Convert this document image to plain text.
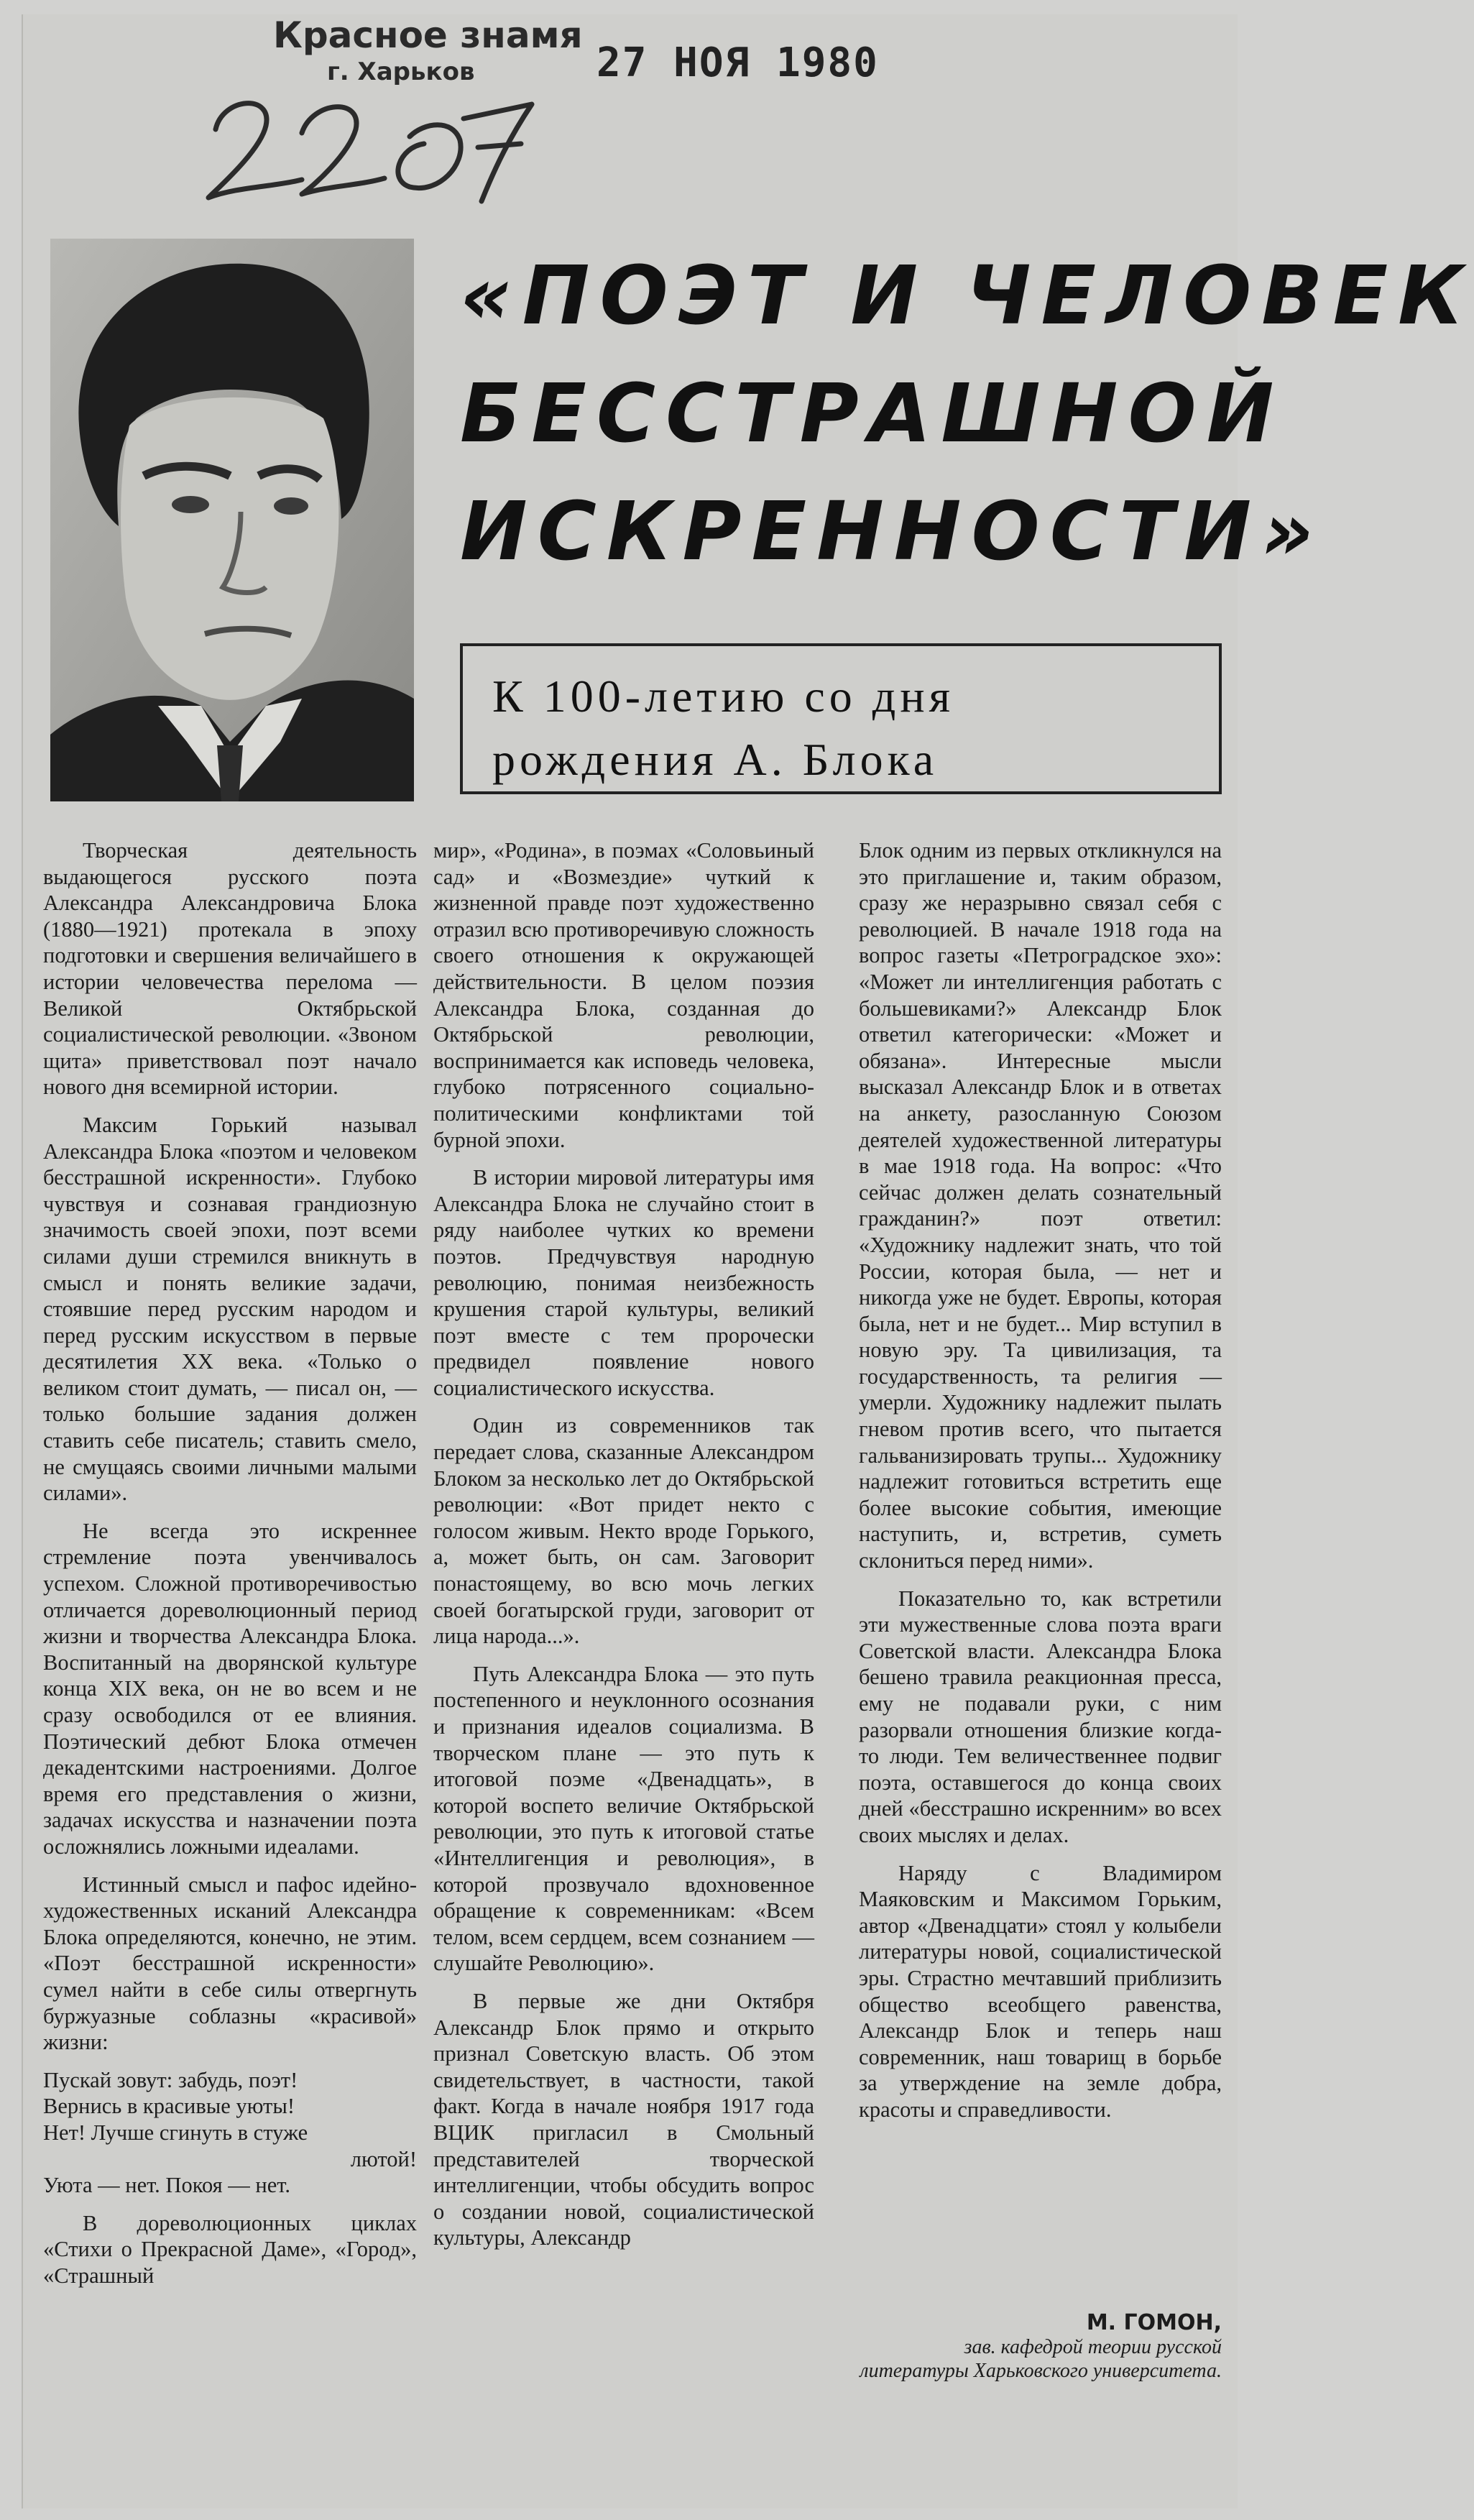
Красное знамя
г. Харьков	27 НОЯ 1980
«ПОЭТ И ЧЕЛОВЕК
БЕССТРАШНОЙ
ИСКРЕННОСТИ»
К 100-летию со дня
рождения А. Блока

Творческая деятельность выдающегося русского поэта Александра Александровича Блока (1880—1921) протекала в эпоху подготовки и свершения величайшего в истории человечества перелома — Великой Октябрьской социалистической революции. «Звоном щита» приветствовал поэт начало нового дня всемирной истории.

Максим Горький называл Александра Блока «поэтом и человеком бесстрашной искренности». Глубоко чувствуя и сознавая грандиозную значимость своей эпохи, поэт всеми силами души стремился вникнуть в смысл и понять великие задачи, стоявшие перед русским народом и перед русским искусством в первые десятилетия XX века. «Только о великом стоит думать, — писал он, — только большие задания должен ставить себе писатель; ставить смело, не смущаясь своими личными малыми силами».

Не всегда это искреннее стремление поэта увенчивалось успехом. Сложной противоречивостью отличается дореволюционный период жизни и творчества Александра Блока. Воспитанный на дворянской культуре конца XIX века, он не во всем и не сразу освободился от ее влияния. Поэтический дебют Блока отмечен декадентскими настроениями. Долгое время его представления о жизни, задачах искусства и назначении поэта осложнялись ложными идеалами.

Истинный смысл и пафос идейно-художественных исканий Александра Блока определяются, конечно, не этим. «Поэт бесстрашной искренности» сумел найти в себе силы отвергнуть буржуазные соблазны «красивой» жизни:

Пускай зовут: забудь, поэт!
Вернись в красивые уюты!
Нет! Лучше сгинуть в стуже
лютой!
Уюта — нет. Покоя — нет.

В дореволюционных циклах «Стихи о Прекрасной Даме», «Город», «Страшный

мир», «Родина», в поэмах «Соловьиный сад» и «Возмездие» чуткий к жизненной правде поэт художественно отразил всю противоречивую сложность своего отношения к окружающей действительности. В целом поэзия Александра Блока, созданная до Октябрьской революции, воспринимается как исповедь человека, глубоко потрясенного социально-политическими конфликтами той бурной эпохи.

В истории мировой литературы имя Александра Блока не случайно стоит в ряду наиболее чутких ко времени поэтов. Предчувствуя народную революцию, понимая неизбежность крушения старой культуры, великий поэт вместе с тем пророчески предвидел появление нового социалистического искусства.

Один из современников так передает слова, сказанные Александром Блоком за несколько лет до Октябрьской революции: «Вот придет некто с голосом живым. Некто вроде Горького, а, может быть, он сам. Заговорит понастоящему, во всю мочь легких своей богатырской груди, заговорит от лица народа...».

Путь Александра Блока — это путь постепенного и неуклонного осознания и признания идеалов социализма. В творческом плане — это путь к итоговой поэме «Двенадцать», в которой воспето величие Октябрьской революции, это путь к итоговой статье «Интеллигенция и революция», в которой прозвучало вдохновенное обращение к современникам: «Всем телом, всем сердцем, всем сознанием — слушайте Революцию».

В первые же дни Октября Александр Блок прямо и открыто признал Советскую власть. Об этом свидетельствует, в частности, такой факт. Когда в начале ноября 1917 года ВЦИК пригласил в Смольный представителей творческой интеллигенции, чтобы обсудить вопрос о создании новой, социалистической культуры, Александр

Блок одним из первых откликнулся на это приглашение и, таким образом, сразу же неразрывно связал себя с революцией. В начале 1918 года на вопрос газеты «Петроградское эхо»: «Может ли интеллигенция работать с большевиками?» Александр Блок ответил категорически: «Может и обязана». Интересные мысли высказал Александр Блок и в ответах на анкету, разосланную Союзом деятелей художественной литературы в мае 1918 года. На вопрос: «Что сейчас должен делать сознательный гражданин?» поэт ответил: «Художнику надлежит знать, что той России, которая была, — нет и никогда уже не будет. Европы, которая была, нет и не будет... Мир вступил в новую эру. Та цивилизация, та государственность, та религия — умерли. Художнику надлежит пылать гневом против всего, что пытается гальванизировать трупы... Художнику надлежит готовиться встретить еще более высокие события, имеющие наступить, и, встретив, суметь склониться перед ними».

Показательно то, как встретили эти мужественные слова поэта враги Советской власти. Александра Блока бешено травила реакционная пресса, ему не подавали руки, с ним разорвали отношения близкие когда-то люди. Тем величественнее подвиг поэта, оставшегося до конца своих дней «бесстрашно искренним» во всех своих мыслях и делах.

Наряду с Владимиром Маяковским и Максимом Горьким, автор «Двенадцати» стоял у колыбели литературы новой, социалистической эры. Страстно мечтавший приблизить общество всеобщего равенства, Александр Блок и теперь наш современник, наш товарищ в борьбе за утверждение на земле добра, красоты и справедливости.

М. ГОМОН,
зав. кафедрой теории русской литературы Харьковского университета.
